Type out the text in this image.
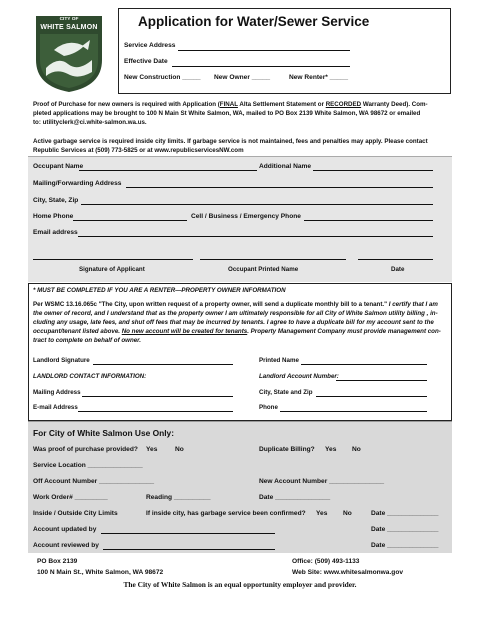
CITY OF
WHITE SALMON	Application for Water/Sewer Service
Service Address
Effective Date
New Construction _____ New Owner _____	New Renter* _____
Proof of Purchase for new owners is required with Application (FINAL Alta Settlement Statement or RECORDED Warranty Deed). Com-
pleted applications may be brought to 100 N Main St White Salmon, WA, mailed to PO Box 2139 White Salmon, WA 98672 or emailed
to: utilityclerk@ci.white-salmon.wa.us.
Active garbage service is required inside city limits. If garbage service is not maintained, fees and penalties may apply. Please contact
Republic Services at (509) 773-5825 or at www.republicservicesNW.com
Occupant Name	Additional Name
Mailing/Forwarding Address
City, State, Zip
Home Phone	Cell / Business / Emergency Phone
Email address
Signature of Applicant	Occupant Printed Name	Date
* MUST BE COMPLETED IF YOU ARE A RENTER—PROPERTY OWNER INFORMATION
Per WSMC 13.16.065c "The City, upon written request of a property owner, will send a duplicate monthly bill to a tenant." I certify that I am
the owner of record, and I understand that as the property owner I am ultimately responsible for all City of White Salmon utility billing , in-
cluding any usage, late fees, and shut off fees that may be incurred by tenants. I agree to have a duplicate bill for my account sent to the
occupant/tenant listed above. No new account will be created for tenants. Property Management Company must provide management con-
tract to complete on behalf of owner.
Landlord Signature	Printed Name
LANDLORD CONTACT INFORMATION:	Landlord Account Number:
Mailing Address	City, State and Zip
E-mail Address	Phone
For City of White Salmon Use Only:
Was proof of purchase provided? Yes	No	Duplicate Billing? Yes No
Service Location _______________
Off Account Number _______________	New Account Number _______________
Work Order# _________	Reading __________	Date _______________
Inside / Outside City Limits	If inside city, has garbage service been confirmed? Yes No	Date ______________
Account updated by	Date ______________
Account reviewed by	Date ______________
PO Box 2139
100 N Main St., White Salmon, WA 98672
Office: (509) 493-1133
Web Site: www.whitesalmonwa.gov
The City of White Salmon is an equal opportunity employer and provider.
